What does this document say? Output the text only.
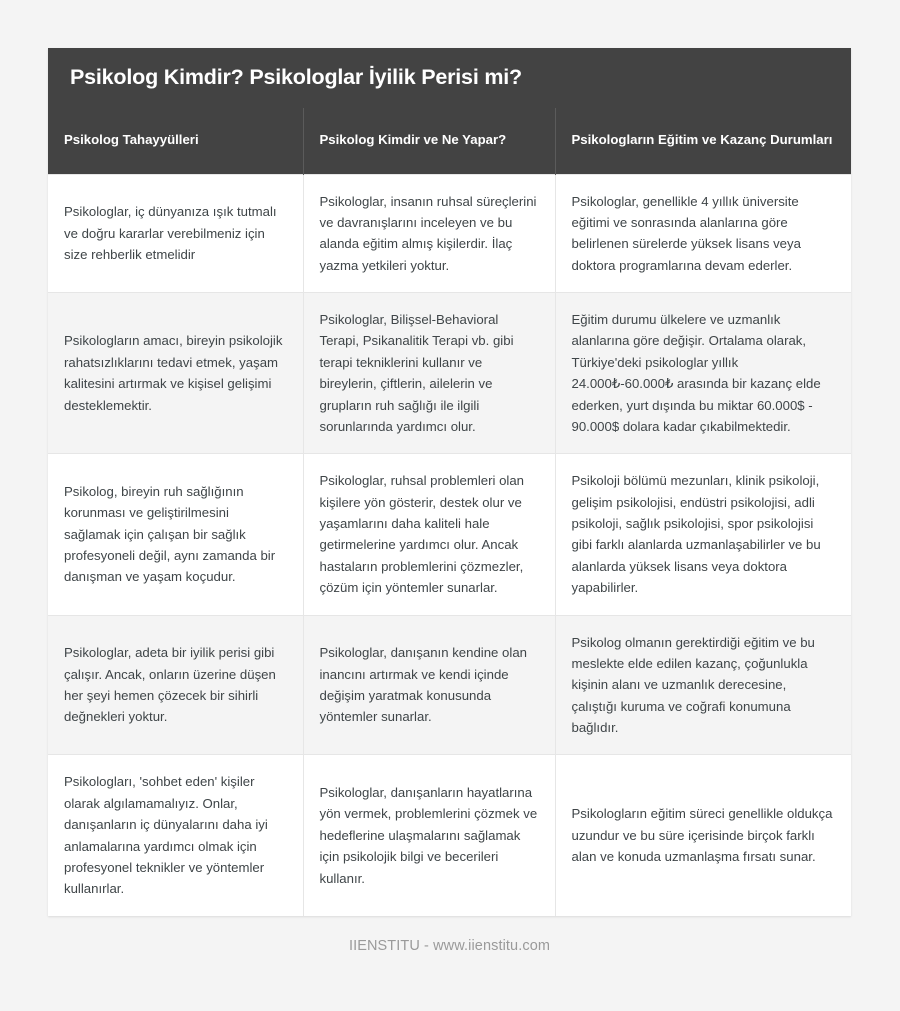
Psikolog Kimdir? Psikologlar İyilik Perisi mi?
Psikolog Tahayyülleri	Psikolog Kimdir ve Ne Yapar?	Psikologların Eğitim ve Kazanç Durumları
Psikologlar, iç dünyanıza ışık tutmalı ve doğru kararlar verebilmeniz için size rehberlik etmelidir	Psikologlar, insanın ruhsal süreçlerini ve davranışlarını inceleyen ve bu alanda eğitim almış kişilerdir. İlaç yazma yetkileri yoktur.	Psikologlar, genellikle 4 yıllık üniversite eğitimi ve sonrasında alanlarına göre belirlenen sürelerde yüksek lisans veya doktora programlarına devam ederler.
Psikologların amacı, bireyin psikolojik rahatsızlıklarını tedavi etmek, yaşam kalitesini artırmak ve kişisel gelişimi desteklemektir.	Psikologlar, Bilişsel-Behavioral Terapi, Psikanalitik Terapi vb. gibi terapi tekniklerini kullanır ve bireylerin, çiftlerin, ailelerin ve grupların ruh sağlığı ile ilgili sorunlarında yardımcı olur.	Eğitim durumu ülkelere ve uzmanlık alanlarına göre değişir. Ortalama olarak, Türkiye'deki psikologlar yıllık 24.000₺-60.000₺ arasında bir kazanç elde ederken, yurt dışında bu miktar 60.000$ - 90.000$ dolara kadar çıkabilmektedir.
Psikolog, bireyin ruh sağlığının korunması ve geliştirilmesini sağlamak için çalışan bir sağlık profesyoneli değil, aynı zamanda bir danışman ve yaşam koçudur.	Psikologlar, ruhsal problemleri olan kişilere yön gösterir, destek olur ve yaşamlarını daha kaliteli hale getirmelerine yardımcı olur. Ancak hastaların problemlerini çözmezler, çözüm için yöntemler sunarlar.	Psikoloji bölümü mezunları, klinik psikoloji, gelişim psikolojisi, endüstri psikolojisi, adli psikoloji, sağlık psikolojisi, spor psikolojisi gibi farklı alanlarda uzmanlaşabilirler ve bu alanlarda yüksek lisans veya doktora yapabilirler.
Psikologlar, adeta bir iyilik perisi gibi çalışır. Ancak, onların üzerine düşen her şeyi hemen çözecek bir sihirli değnekleri yoktur.	Psikologlar, danışanın kendine olan inancını artırmak ve kendi içinde değişim yaratmak konusunda yöntemler sunarlar.	Psikolog olmanın gerektirdiği eğitim ve bu meslekte elde edilen kazanç, çoğunlukla kişinin alanı ve uzmanlık derecesine, çalıştığı kuruma ve coğrafi konumuna bağlıdır.
Psikologları, 'sohbet eden' kişiler olarak algılamamalıyız. Onlar, danışanların iç dünyalarını daha iyi anlamalarına yardımcı olmak için profesyonel teknikler ve yöntemler kullanırlar.	Psikologlar, danışanların hayatlarına yön vermek, problemlerini çözmek ve hedeflerine ulaşmalarını sağlamak için psikolojik bilgi ve becerileri kullanır.	Psikologların eğitim süreci genellikle oldukça uzundur ve bu süre içerisinde birçok farklı alan ve konuda uzmanlaşma fırsatı sunar.
IIENSTITU - www.iienstitu.com
